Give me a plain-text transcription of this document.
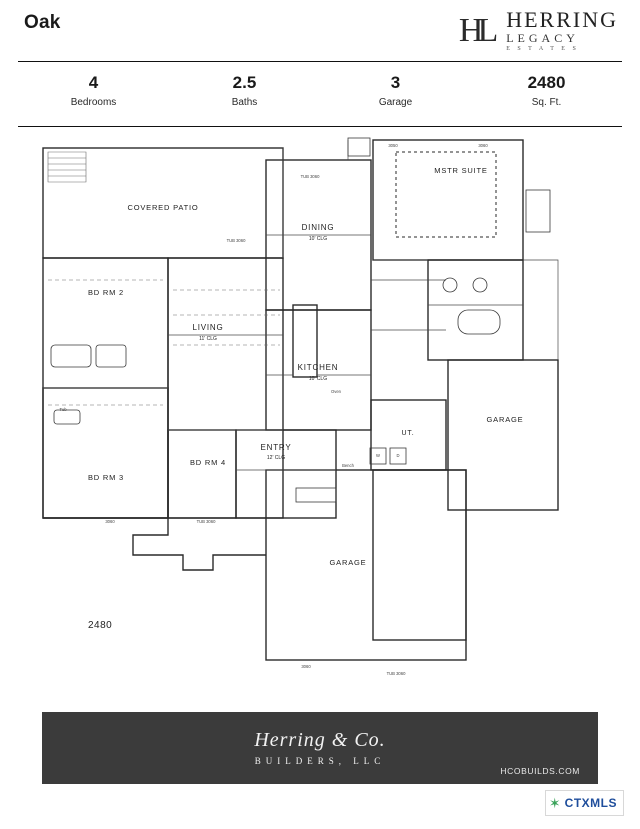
Oak	HL HERRING
LEGACY
E S T A T E S
4
Bedrooms
2.5
Baths
3
Garage
2480
Sq. Ft.
COVERED PATIO
DINING
10' CLG
MSTR SUITE
BD RM 2
LIVING
11' CLG
KITCHEN
10' CLG
BD RM 3
BD RM 4
ENTRY
12' CLG
UT.
GARAGE
GARAGE
TUB 3060
3050	3060
TUB 3060
3060	TUB 3060
3060
TUB 3060
Oven
Bench
Tub
W	D
2480
Herring & Co.
BUILDERS, LLC
HCOBUILDS.COM
✶ CTXMLS
